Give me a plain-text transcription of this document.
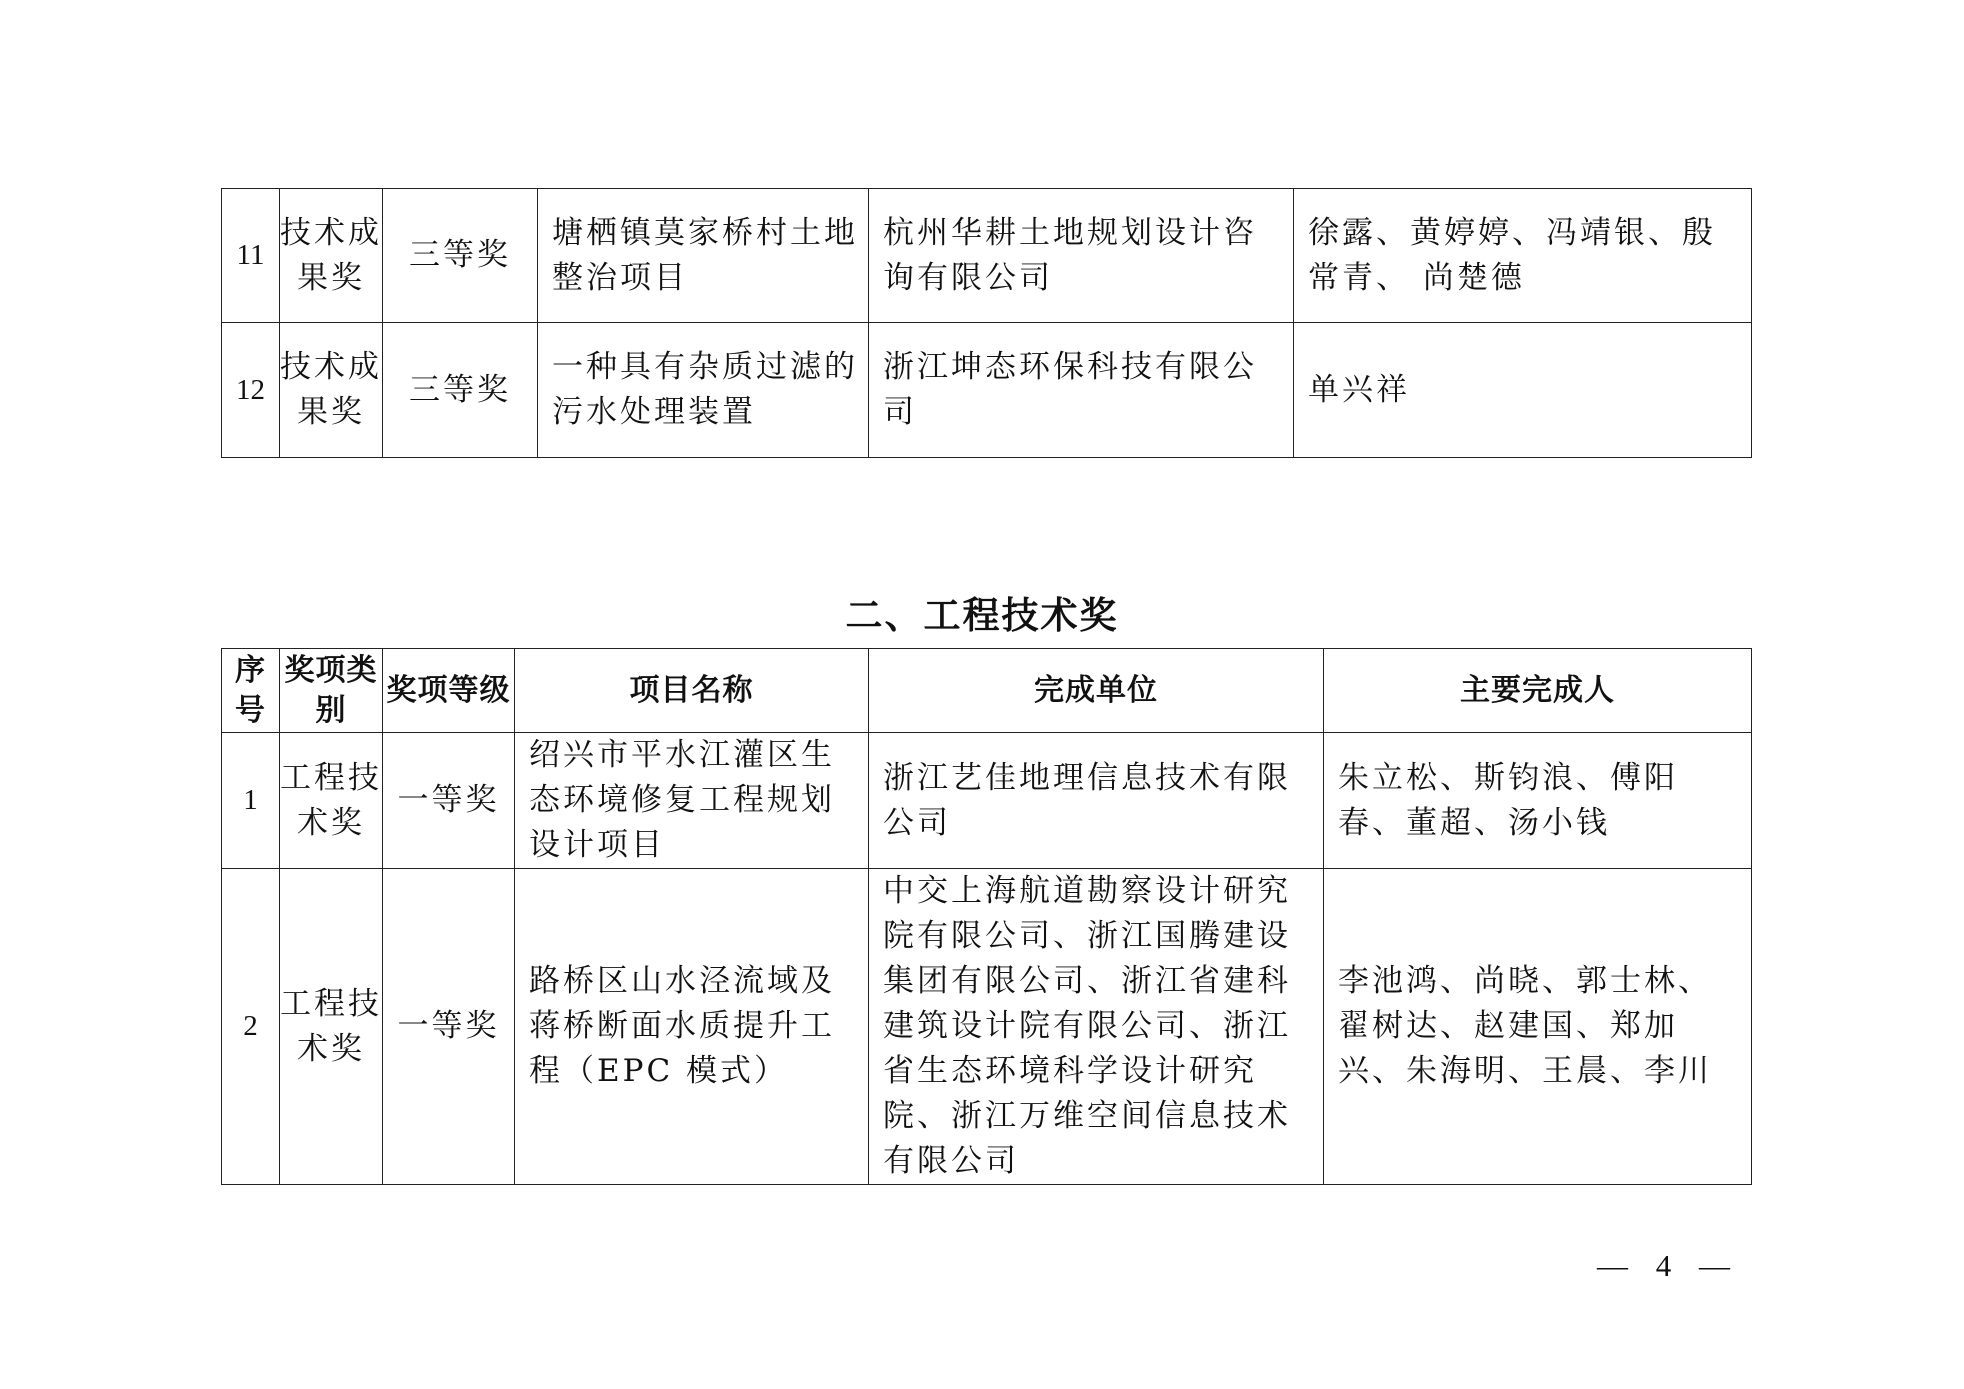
11	技术成果奖	三等奖	塘栖镇莫家桥村土地整治项目	杭州华耕土地规划设计咨询有限公司	徐露、黄婷婷、冯靖银、殷常青、 尚楚德
12	技术成果奖	三等奖	一种具有杂质过滤的污水处理装置	浙江坤态环保科技有限公司	单兴祥
二、工程技术奖
序号	奖项类别	奖项等级	项目名称	完成单位	主要完成人
1	工程技术奖	一等奖	绍兴市平水江灌区生态环境修复工程规划设计项目	浙江艺佳地理信息技术有限公司	朱立松、斯钧浪、傅阳春、董超、汤小钱
2	工程技术奖	一等奖	路桥区山水泾流域及蒋桥断面水质提升工程（EPC 模式）	中交上海航道勘察设计研究院有限公司、浙江国腾建设集团有限公司、浙江省建科建筑设计院有限公司、浙江省生态环境科学设计研究院、浙江万维空间信息技术有限公司	李池鸿、尚晓、郭士林、翟树达、赵建国、郑加兴、朱海明、王晨、李川
— 4 —
